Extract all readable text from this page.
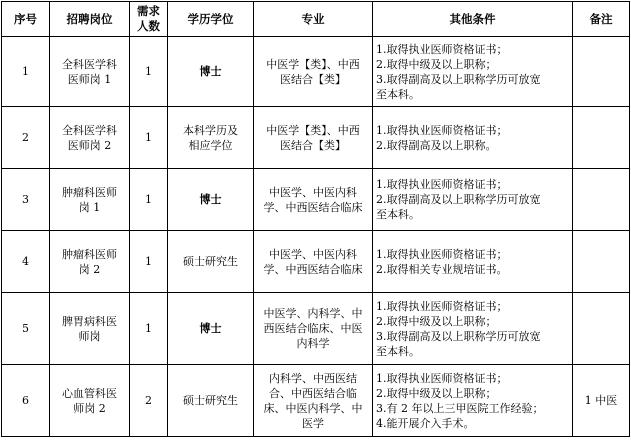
序号	招聘岗位	需求
人数	学历学位	专业	其他条件	备注
1	全科医学科
医师岗 1	1	博士	中医学【类】、中西
医结合【类】	1.取得执业医师资格证书；
2.取得中级及以上职称；
3.取得副高及以上职称学历可放宽
至本科。	

2	全科医学科
医师岗 2	1	本科学历及
相应学位	中医学【类】、中西
医结合【类】	1.取得执业医师资格证书；
2.取得副高及以上职称。	

3	肿瘤科医师
岗 1	1	博士	中医学、中医内科
学、中西医结合临床	1.取得执业医师资格证书；
2.取得副高及以上职称学历可放宽
至本科。	

4	肿瘤科医师
岗 2	1	硕士研究生	中医学、中医内科
学、中西医结合临床	1.取得执业医师资格证书；
2.取得相关专业规培证书。	

5	脾胃病科医
师岗	1	博士	中医学、内科学、中
西医结合临床、中医
内科学	1.取得执业医师资格证书；
2.取得中级及以上职称；
3.取得副高及以上职称学历可放宽
至本科。	

6	心血管科医
师岗 2	2	硕士研究生	内科学、中西医结
合、中西医结合临
床、中医内科学、中
医学	1.取得执业医师资格证书；
2.取得中级及以上职称；
3.有 2 年以上三甲医院工作经验；
4.能开展介入手术。	1 中医
